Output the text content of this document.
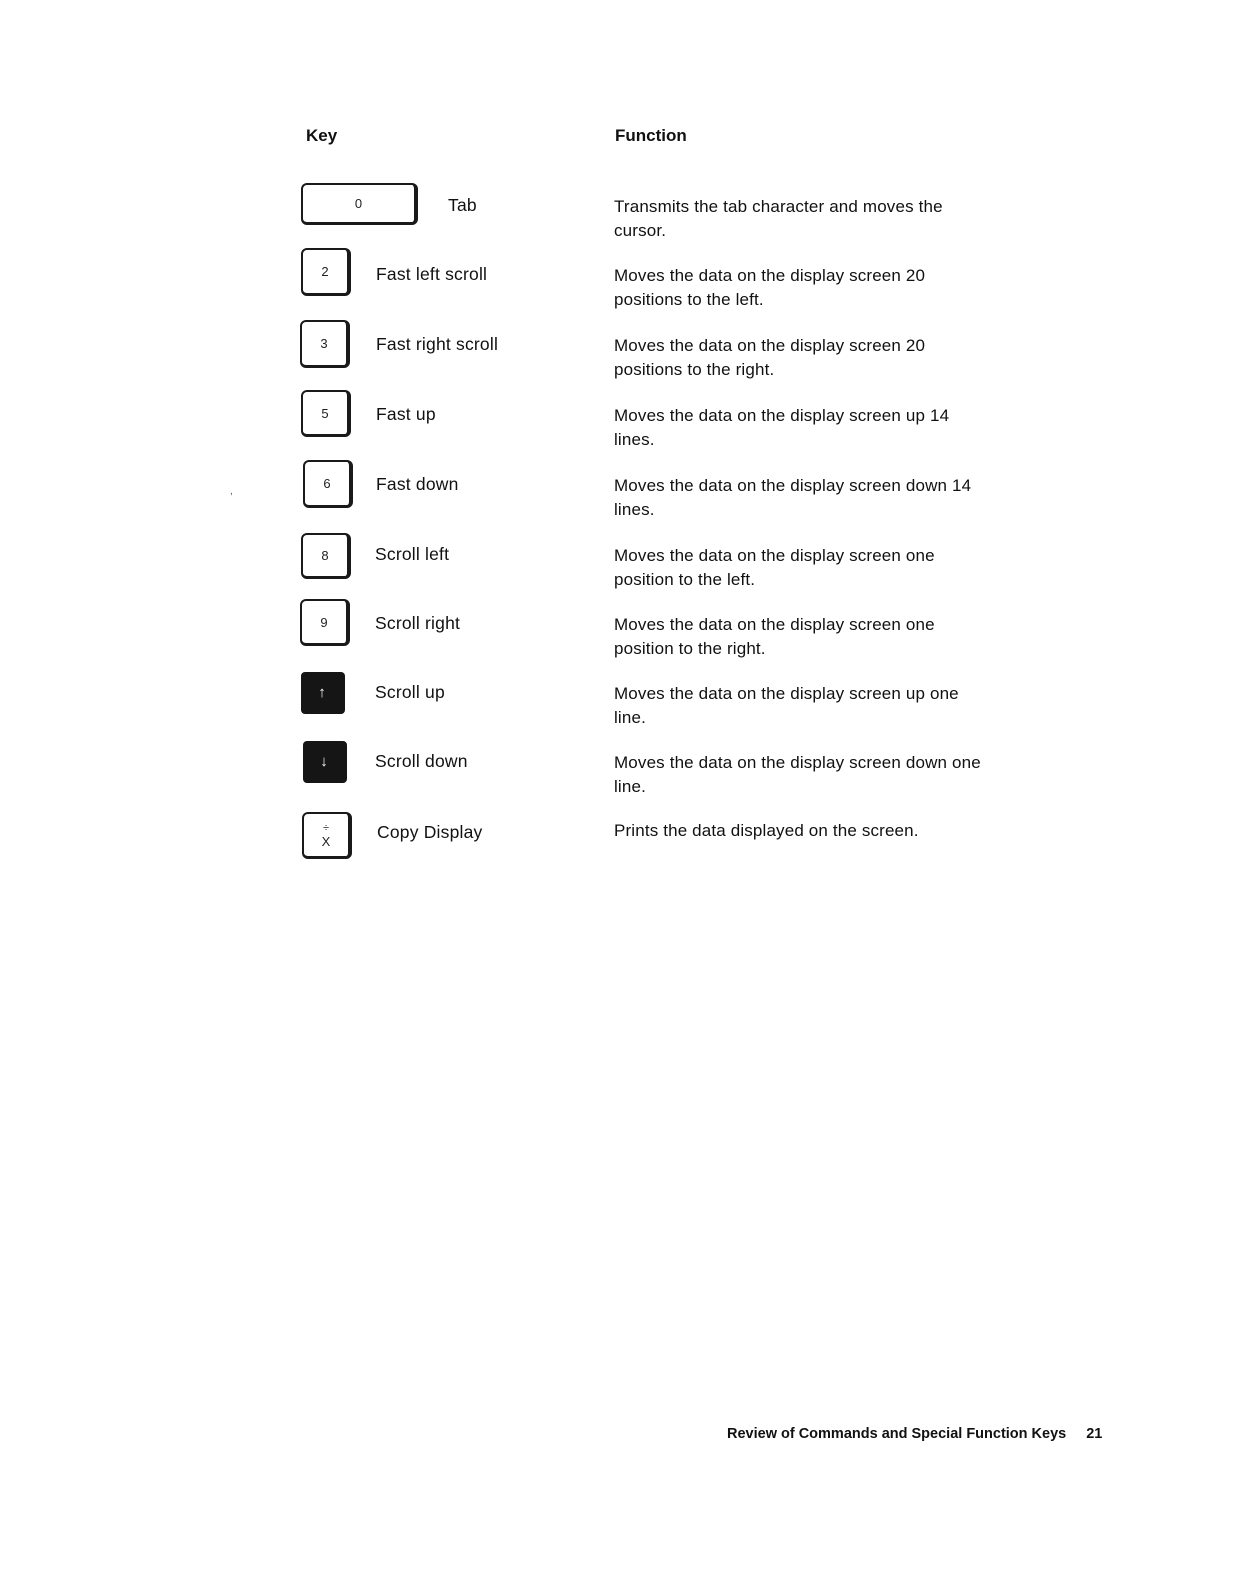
Key	Function
,
0	Tab	Transmits the tab character and moves the cursor.
2	Fast left scroll	Moves the data on the display screen 20 positions to the left.
3	Fast right scroll	Moves the data on the display screen 20 positions to the right.
5	Fast up	Moves the data on the display screen up 14 lines.
6	Fast down	Moves the data on the display screen down 14 lines.
8	Scroll left	Moves the data on the display screen one position to the left.
9	Scroll right	Moves the data on the display screen one position to the right.
↑	Scroll up	Moves the data on the display screen up one line.
↓	Scroll down	Moves the data on the display screen down one line.
÷
X	Copy Display	Prints the data displayed on the screen.
Review of Commands and Special Function Keys 21
